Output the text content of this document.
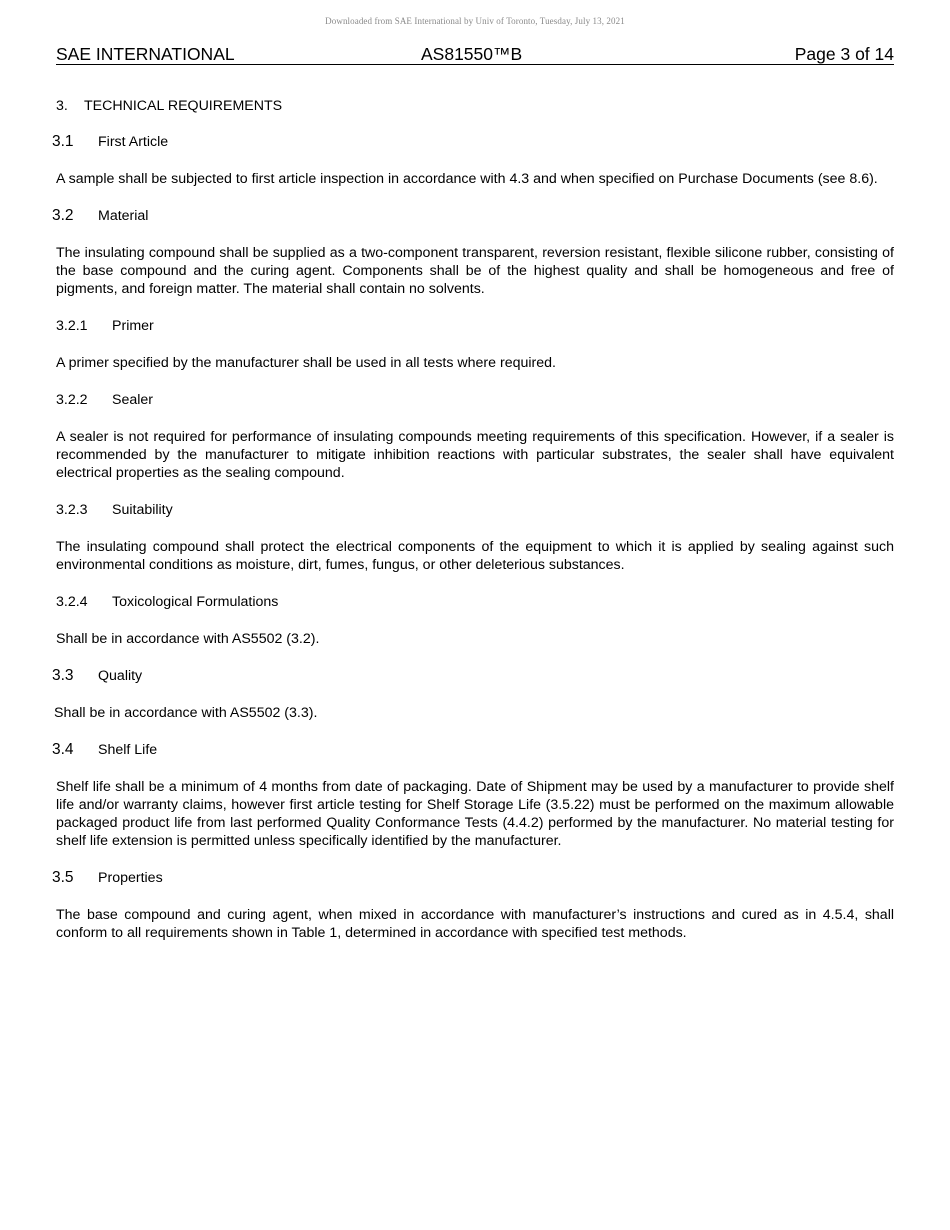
Downloaded from SAE International by Univ of Toronto, Tuesday, July 13, 2021
SAE INTERNATIONAL	AS81550™B	Page 3 of 14
3. TECHNICAL REQUIREMENTS
3.1 First Article
A sample shall be subjected to first article inspection in accordance with 4.3 and when specified on Purchase Documents (see 8.6).
3.2 Material
The insulating compound shall be supplied as a two-component transparent, reversion resistant, flexible silicone rubber, consisting of the base compound and the curing agent. Components shall be of the highest quality and shall be homogeneous and free of pigments, and foreign matter. The material shall contain no solvents.
3.2.1 Primer
A primer specified by the manufacturer shall be used in all tests where required.
3.2.2 Sealer
A sealer is not required for performance of insulating compounds meeting requirements of this specification. However, if a sealer is recommended by the manufacturer to mitigate inhibition reactions with particular substrates, the sealer shall have equivalent electrical properties as the sealing compound.
3.2.3 Suitability
The insulating compound shall protect the electrical components of the equipment to which it is applied by sealing against such environmental conditions as moisture, dirt, fumes, fungus, or other deleterious substances.
3.2.4 Toxicological Formulations
Shall be in accordance with AS5502 (3.2).
3.3 Quality
Shall be in accordance with AS5502 (3.3).
3.4 Shelf Life
Shelf life shall be a minimum of 4 months from date of packaging. Date of Shipment may be used by a manufacturer to provide shelf life and/or warranty claims, however first article testing for Shelf Storage Life (3.5.22) must be performed on the maximum allowable packaged product life from last performed Quality Conformance Tests (4.4.2) performed by the manufacturer. No material testing for shelf life extension is permitted unless specifically identified by the manufacturer.
3.5 Properties
The base compound and curing agent, when mixed in accordance with manufacturer’s instructions and cured as in 4.5.4, shall conform to all requirements shown in Table 1, determined in accordance with specified test methods.
